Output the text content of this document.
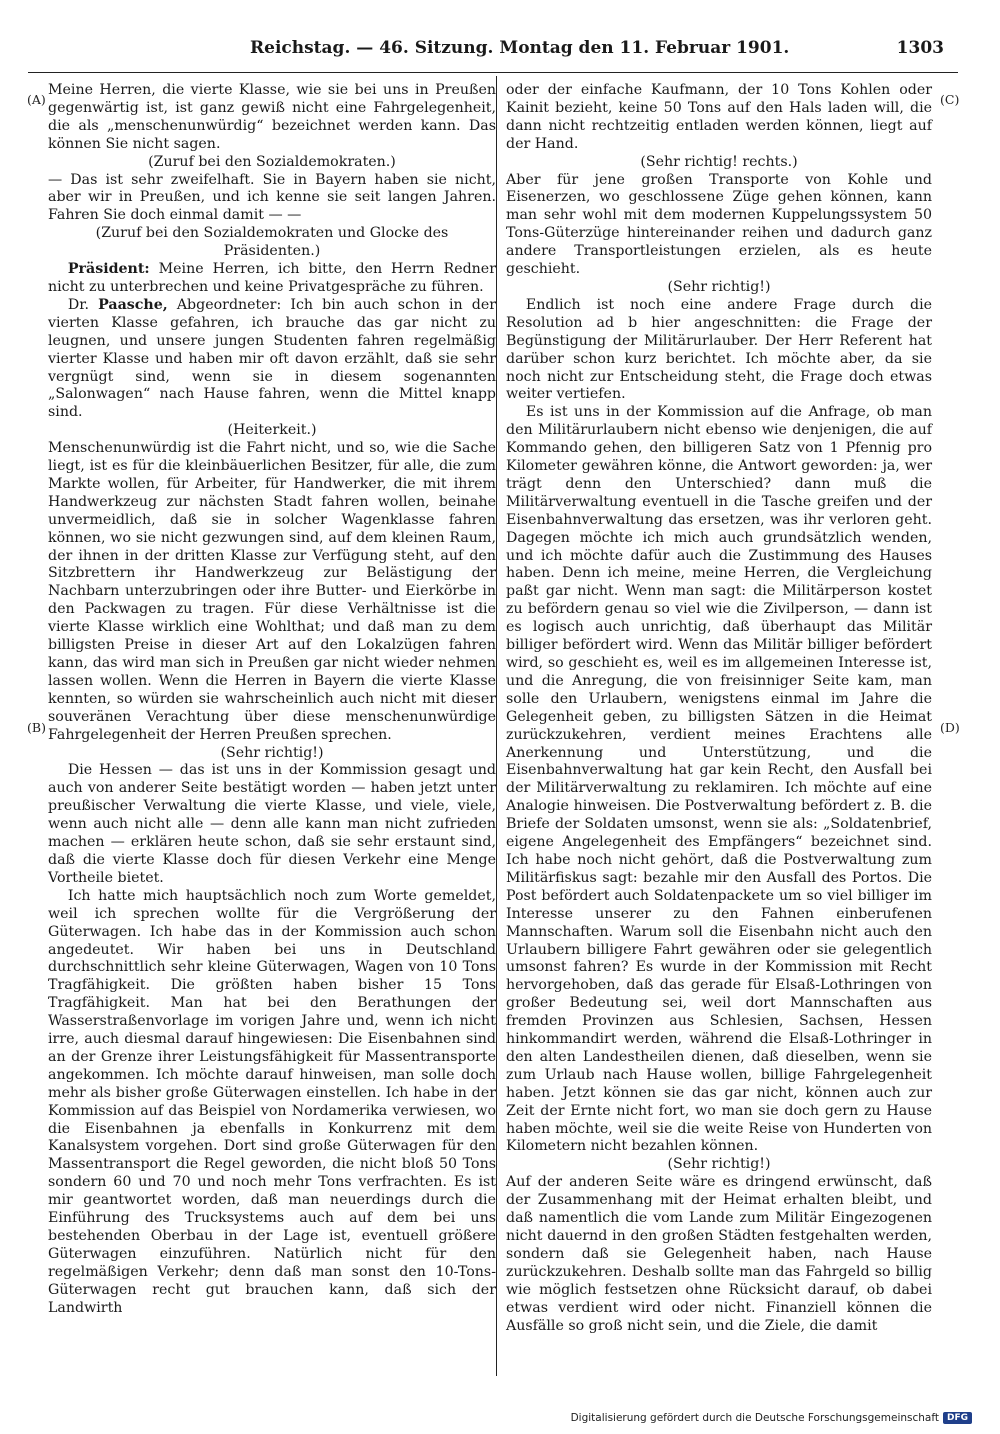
Reichstag. — 46. Sitzung. Montag den 11. Februar 1901.	1303
(A)
(B)
(C)
(D)

Meine Herren, die vierte Klasse, wie sie bei uns in Preußen gegenwärtig ist, ist ganz gewiß nicht eine Fahrgelegenheit, die als „menschenunwürdig“ bezeichnet werden kann. Das können Sie nicht sagen.

(Zuruf bei den Sozialdemokraten.)

— Das ist sehr zweifelhaft. Sie in Bayern haben sie nicht, aber wir in Preußen, und ich kenne sie seit langen Jahren. Fahren Sie doch einmal damit — —

(Zuruf bei den Sozialdemokraten und Glocke des Präsidenten.)

Präsident: Meine Herren, ich bitte, den Herrn Redner nicht zu unterbrechen und keine Privatgespräche zu führen.

Dr. Paasche, Abgeordneter: Ich bin auch schon in der vierten Klasse gefahren, ich brauche das gar nicht zu leugnen, und unsere jungen Studenten fahren regelmäßig vierter Klasse und haben mir oft davon erzählt, daß sie sehr vergnügt sind, wenn sie in diesem sogenannten „Salonwagen“ nach Hause fahren, wenn die Mittel knapp sind.

(Heiterkeit.)

Menschenunwürdig ist die Fahrt nicht, und so, wie die Sache liegt, ist es für die kleinbäuerlichen Besitzer, für alle, die zum Markte wollen, für Arbeiter, für Handwerker, die mit ihrem Handwerkzeug zur nächsten Stadt fahren wollen, beinahe unvermeidlich, daß sie in solcher Wagenklasse fahren können, wo sie nicht gezwungen sind, auf dem kleinen Raum, der ihnen in der dritten Klasse zur Verfügung steht, auf den Sitzbrettern ihr Handwerkzeug zur Belästigung der Nachbarn unterzubringen oder ihre Butter- und Eierkörbe in den Packwagen zu tragen. Für diese Verhältnisse ist die vierte Klasse wirklich eine Wohlthat; und daß man zu dem billigsten Preise in dieser Art auf den Lokalzügen fahren kann, das wird man sich in Preußen gar nicht wieder nehmen lassen wollen. Wenn die Herren in Bayern die vierte Klasse kennten, so würden sie wahrscheinlich auch nicht mit dieser souveränen Verachtung über diese menschenunwürdige Fahrgelegenheit der Herren Preußen sprechen.

(Sehr richtig!)

Die Hessen — das ist uns in der Kommission gesagt und auch von anderer Seite bestätigt worden — haben jetzt unter preußischer Verwaltung die vierte Klasse, und viele, viele, wenn auch nicht alle — denn alle kann man nicht zufrieden machen — erklären heute schon, daß sie sehr erstaunt sind, daß die vierte Klasse doch für diesen Verkehr eine Menge Vortheile bietet.

Ich hatte mich hauptsächlich noch zum Worte gemeldet, weil ich sprechen wollte für die Vergrößerung der Güterwagen. Ich habe das in der Kommission auch schon angedeutet. Wir haben bei uns in Deutschland durchschnittlich sehr kleine Güterwagen, Wagen von 10 Tons Tragfähigkeit. Die größten haben bisher 15 Tons Tragfähigkeit. Man hat bei den Berathungen der Wasserstraßenvorlage im vorigen Jahre und, wenn ich nicht irre, auch diesmal darauf hingewiesen: Die Eisenbahnen sind an der Grenze ihrer Leistungsfähigkeit für Massentransporte angekommen. Ich möchte darauf hinweisen, man solle doch mehr als bisher große Güterwagen einstellen. Ich habe in der Kommission auf das Beispiel von Nordamerika verwiesen, wo die Eisenbahnen ja ebenfalls in Konkurrenz mit dem Kanalsystem vorgehen. Dort sind große Güterwagen für den Massentransport die Regel geworden, die nicht bloß 50 Tons sondern 60 und 70 und noch mehr Tons verfrachten. Es ist mir geantwortet worden, daß man neuerdings durch die Einführung des Trucksystems auch auf dem bei uns bestehenden Oberbau in der Lage ist, eventuell größere Güterwagen einzuführen. Natürlich nicht für den regelmäßigen Verkehr; denn daß man sonst den 10-Tons-Güterwagen recht gut brauchen kann, daß sich der Landwirth

oder der einfache Kaufmann, der 10 Tons Kohlen oder Kainit bezieht, keine 50 Tons auf den Hals laden will, die dann nicht rechtzeitig entladen werden können, liegt auf der Hand.

(Sehr richtig! rechts.)

Aber für jene großen Transporte von Kohle und Eisenerzen, wo geschlossene Züge gehen können, kann man sehr wohl mit dem modernen Kuppelungssystem 50 Tons-Güterzüge hintereinander reihen und dadurch ganz andere Transportleistungen erzielen, als es heute geschieht.

(Sehr richtig!)

Endlich ist noch eine andere Frage durch die Resolution ad b hier angeschnitten: die Frage der Begünstigung der Militärurlauber. Der Herr Referent hat darüber schon kurz berichtet. Ich möchte aber, da sie noch nicht zur Entscheidung steht, die Frage doch etwas weiter vertiefen.

Es ist uns in der Kommission auf die Anfrage, ob man den Militärurlaubern nicht ebenso wie denjenigen, die auf Kommando gehen, den billigeren Satz von 1 Pfennig pro Kilometer gewähren könne, die Antwort geworden: ja, wer trägt denn den Unterschied? dann muß die Militärverwaltung eventuell in die Tasche greifen und der Eisenbahnverwaltung das ersetzen, was ihr verloren geht. Dagegen möchte ich mich auch grundsätzlich wenden, und ich möchte dafür auch die Zustimmung des Hauses haben. Denn ich meine, meine Herren, die Vergleichung paßt gar nicht. Wenn man sagt: die Militärperson kostet zu befördern genau so viel wie die Zivilperson, — dann ist es logisch auch unrichtig, daß überhaupt das Militär billiger befördert wird. Wenn das Militär billiger befördert wird, so geschieht es, weil es im allgemeinen Interesse ist, und die Anregung, die von freisinniger Seite kam, man solle den Urlaubern, wenigstens einmal im Jahre die Gelegenheit geben, zu billigsten Sätzen in die Heimat zurückzukehren, verdient meines Erachtens alle Anerkennung und Unterstützung, und die Eisenbahnverwaltung hat gar kein Recht, den Ausfall bei der Militärverwaltung zu reklamiren. Ich möchte auf eine Analogie hinweisen. Die Postverwaltung befördert z. B. die Briefe der Soldaten umsonst, wenn sie als: „Soldatenbrief, eigene Angelegenheit des Empfängers“ bezeichnet sind. Ich habe noch nicht gehört, daß die Postverwaltung zum Militärfiskus sagt: bezahle mir den Ausfall des Portos. Die Post befördert auch Soldatenpackete um so viel billiger im Interesse unserer zu den Fahnen einberufenen Mannschaften. Warum soll die Eisenbahn nicht auch den Urlaubern billigere Fahrt gewähren oder sie gelegentlich umsonst fahren? Es wurde in der Kommission mit Recht hervorgehoben, daß das gerade für Elsaß-Lothringen von großer Bedeutung sei, weil dort Mannschaften aus fremden Provinzen aus Schlesien, Sachsen, Hessen hinkommandirt werden, während die Elsaß-Lothringer in den alten Landestheilen dienen, daß dieselben, wenn sie zum Urlaub nach Hause wollen, billige Fahrgelegenheit haben. Jetzt können sie das gar nicht, können auch zur Zeit der Ernte nicht fort, wo man sie doch gern zu Hause haben möchte, weil sie die weite Reise von Hunderten von Kilometern nicht bezahlen können.

(Sehr richtig!)

Auf der anderen Seite wäre es dringend erwünscht, daß der Zusammenhang mit der Heimat erhalten bleibt, und daß namentlich die vom Lande zum Militär Eingezogenen nicht dauernd in den großen Städten festgehalten werden, sondern daß sie Gelegenheit haben, nach Hause zurückzukehren. Deshalb sollte man das Fahrgeld so billig wie möglich festsetzen ohne Rücksicht darauf, ob dabei etwas verdient wird oder nicht. Finanziell können die Ausfälle so groß nicht sein, und die Ziele, die damit

Digitalisierung gefördert durch die Deutsche Forschungsgemeinschaft DFG
